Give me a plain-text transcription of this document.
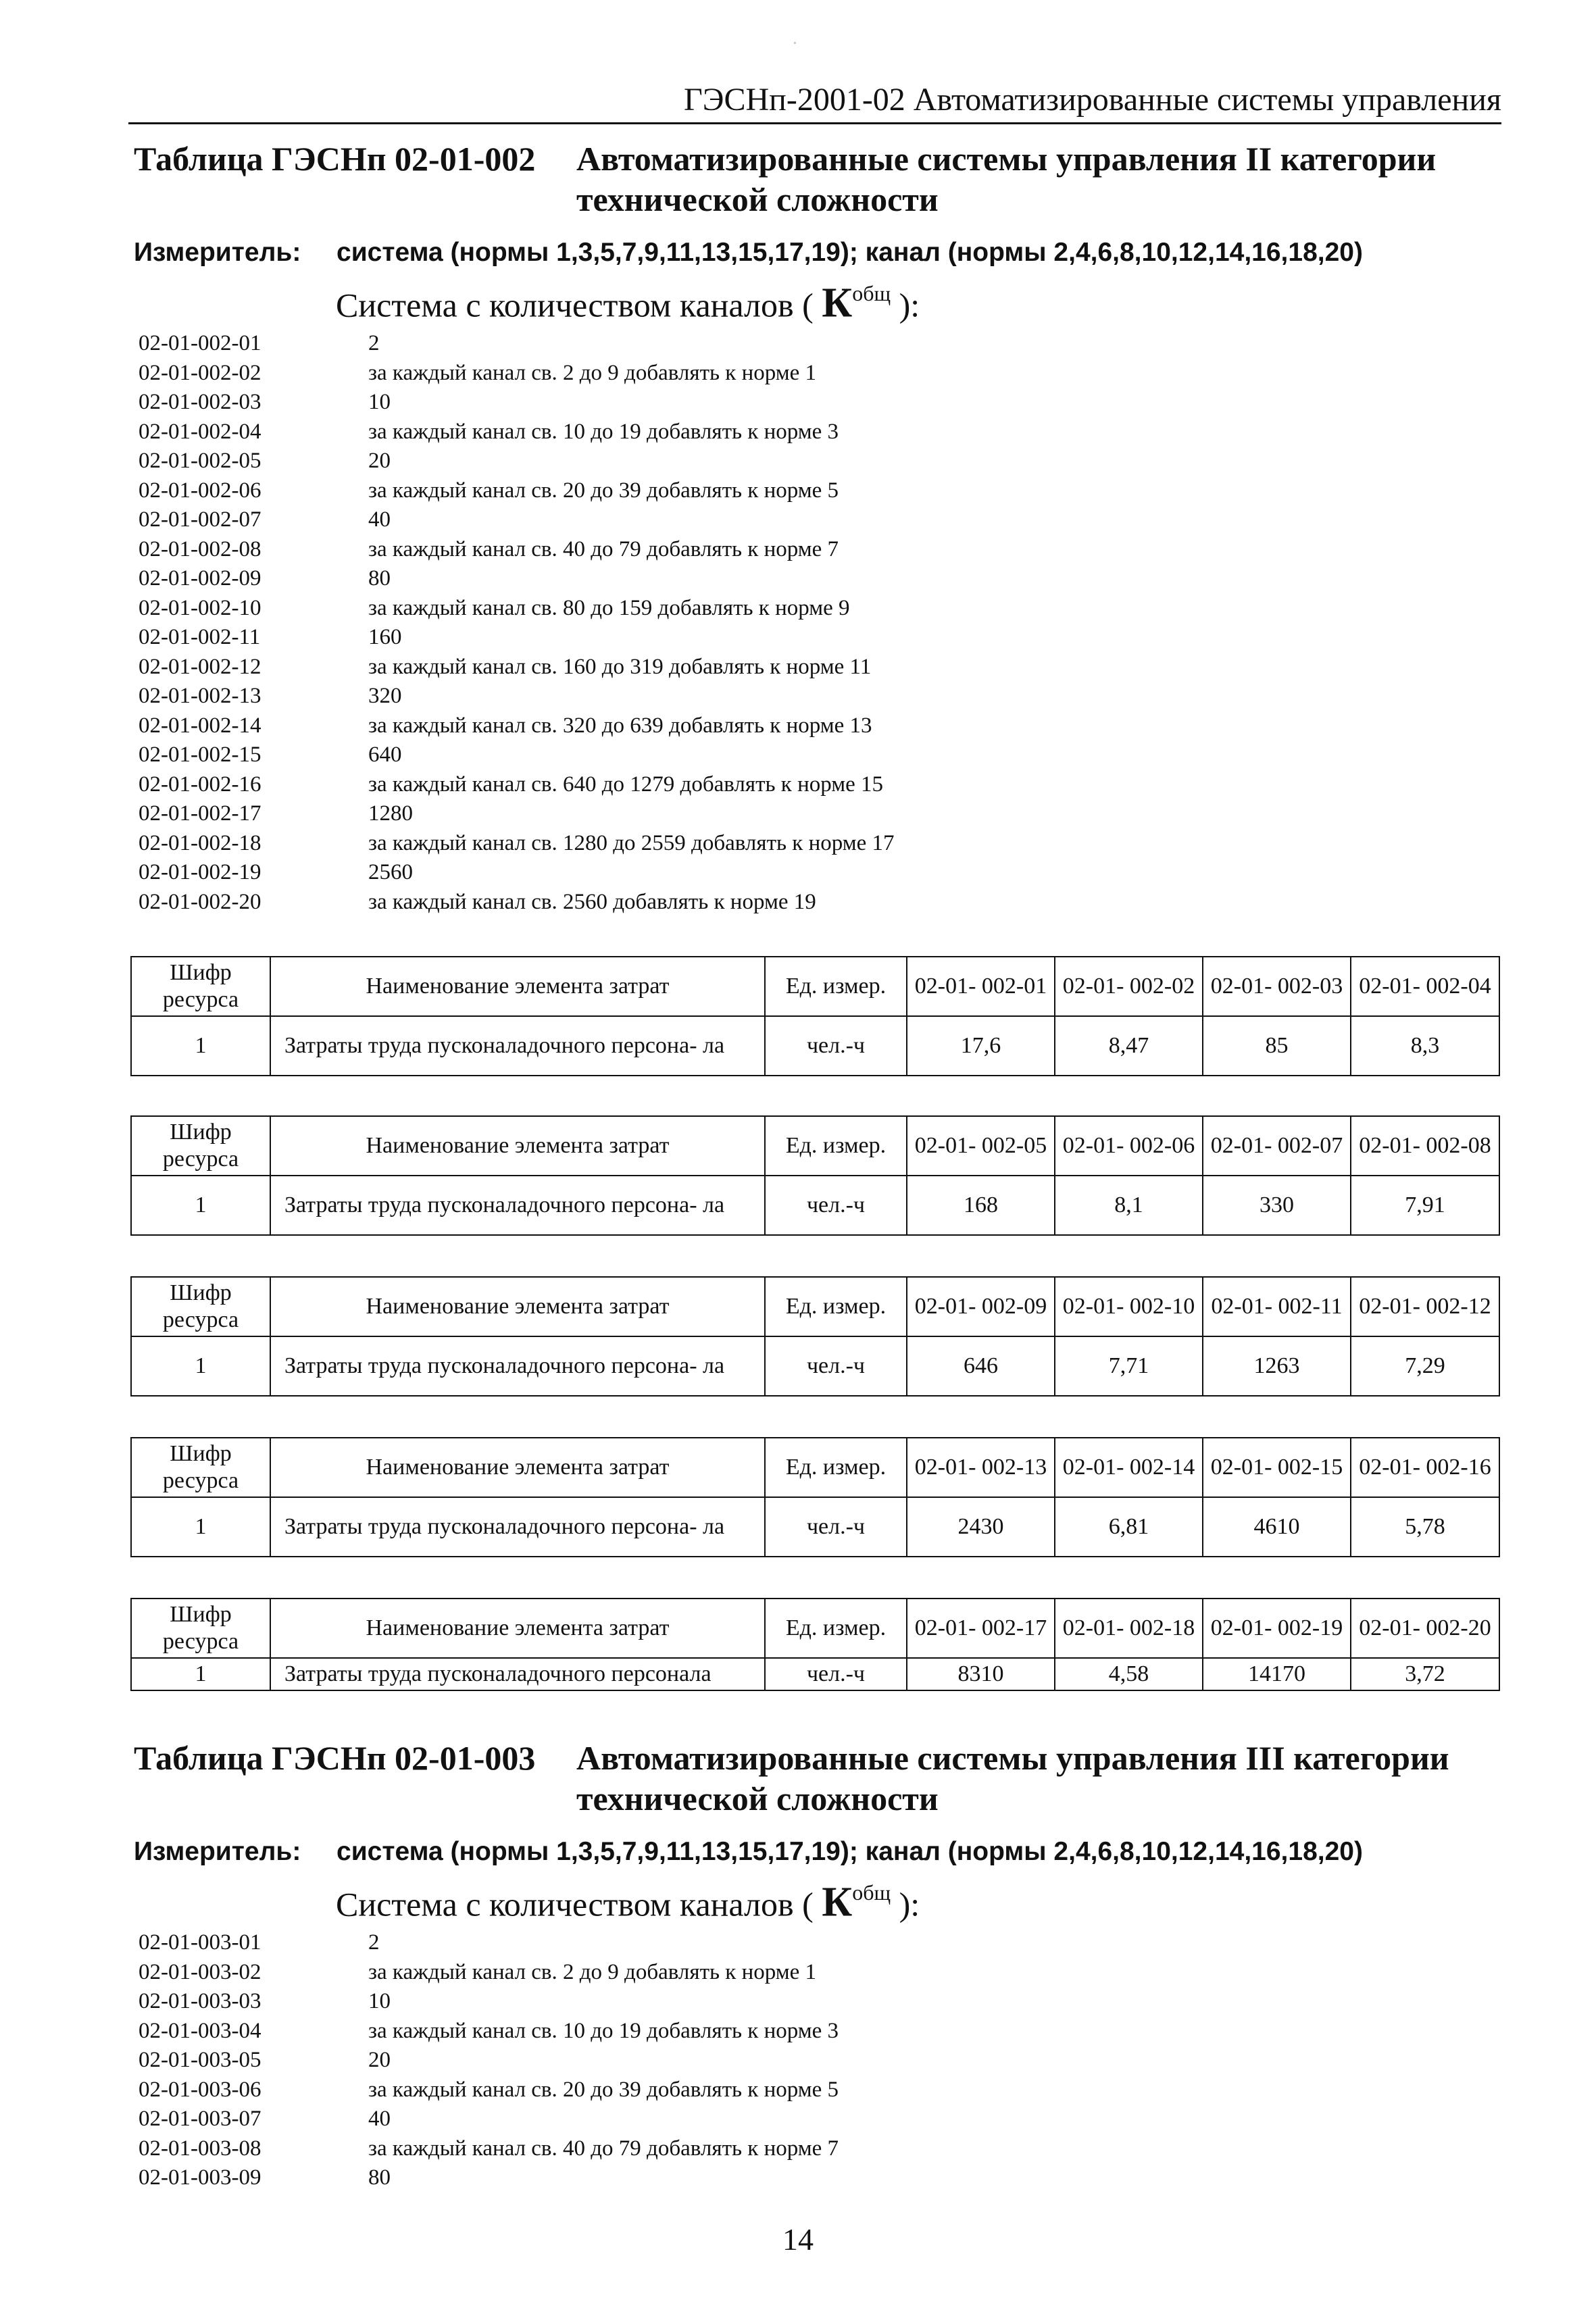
ГЭСНп-2001-02 Автоматизированные системы управления
Таблица ГЭСНп 02-01-002 Автоматизированные системы управления II категории технической сложности
Измеритель: система (нормы 1,3,5,7,9,11,13,15,17,19); канал (нормы 2,4,6,8,10,12,14,16,18,20)
Система с количеством каналов ( $К^{общ}$ ):
02-01-002-01	2
02-01-002-02	за каждый канал св. 2 до 9 добавлять к норме 1
02-01-002-03	10
02-01-002-04	за каждый канал св. 10 до 19 добавлять к норме 3
02-01-002-05	20
02-01-002-06	за каждый канал св. 20 до 39 добавлять к норме 5
02-01-002-07	40
02-01-002-08	за каждый канал св. 40 до 79 добавлять к норме 7
02-01-002-09	80
02-01-002-10	за каждый канал св. 80 до 159 добавлять к норме 9
02-01-002-11	160
02-01-002-12	за каждый канал св. 160 до 319 добавлять к норме 11
02-01-002-13	320
02-01-002-14	за каждый канал св. 320 до 639 добавлять к норме 13
02-01-002-15	640
02-01-002-16	за каждый канал св. 640 до 1279 добавлять к норме 15
02-01-002-17	1280
02-01-002-18	за каждый канал св. 1280 до 2559 добавлять к норме 17
02-01-002-19	2560
02-01-002-20	за каждый канал св. 2560 добавлять к норме 19
Шифр ресурса	Наименование элемента затрат	Ед. измер.	02-01- 002-01	02-01- 002-02	02-01- 002-03	02-01- 002-04
1	Затраты труда пусконаладочного персона- ла	чел.-ч	17,6	8,47	85	8,3
Шифр ресурса	Наименование элемента затрат	Ед. измер.	02-01- 002-05	02-01- 002-06	02-01- 002-07	02-01- 002-08
1	Затраты труда пусконаладочного персона- ла	чел.-ч	168	8,1	330	7,91
Шифр ресурса	Наименование элемента затрат	Ед. измер.	02-01- 002-09	02-01- 002-10	02-01- 002-11	02-01- 002-12
1	Затраты труда пусконаладочного персона- ла	чел.-ч	646	7,71	1263	7,29
Шифр ресурса	Наименование элемента затрат	Ед. измер.	02-01- 002-13	02-01- 002-14	02-01- 002-15	02-01- 002-16
1	Затраты труда пусконаладочного персона- ла	чел.-ч	2430	6,81	4610	5,78
Шифр ресурса	Наименование элемента затрат	Ед. измер.	02-01- 002-17	02-01- 002-18	02-01- 002-19	02-01- 002-20
1	Затраты труда пусконаладочного персонала	чел.-ч	8310	4,58	14170	3,72
Таблица ГЭСНп 02-01-003 Автоматизированные системы управления III категории технической сложности
Измеритель: система (нормы 1,3,5,7,9,11,13,15,17,19); канал (нормы 2,4,6,8,10,12,14,16,18,20)
Система с количеством каналов ( $К^{общ}$ ):
02-01-003-01	2
02-01-003-02	за каждый канал св. 2 до 9 добавлять к норме 1
02-01-003-03	10
02-01-003-04	за каждый канал св. 10 до 19 добавлять к норме 3
02-01-003-05	20
02-01-003-06	за каждый канал св. 20 до 39 добавлять к норме 5
02-01-003-07	40
02-01-003-08	за каждый канал св. 40 до 79 добавлять к норме 7
02-01-003-09	80
14
